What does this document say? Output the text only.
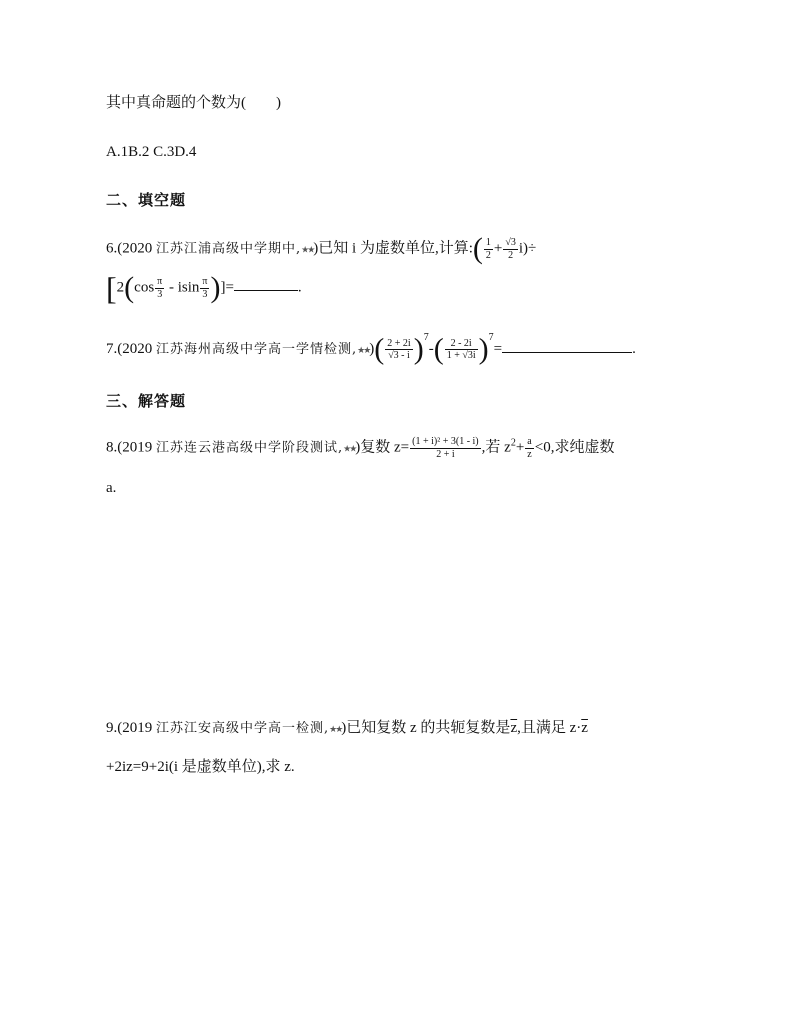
其中真命题的个数为(　　)
A.1B.2 C.3D.4
二、填空题
6.(2020 江苏江浦高级中学期中,★★)已知 i 为虚数单位,计算:( $\frac{1}{2} + \frac{√3}{2} i)\div$
[$2(\cos \frac{\pi}{3}$ - isin $\frac{\pi}{3}$ )]=	.
7.(2020 江苏海州高级中学高一学情检测,★★)( $\frac{2 + 2i}{√3 - i} )^7-( \frac{2 - 2i}{1 + √3i} )^7=$	.
三、解答题
8.(2019 江苏连云港高级中学阶段测试,★★)复数 $z= \frac{\text{(1 + i)² + 3(1 - i)}}{2 + i}$ ,若 $z^2+ \frac{a}{z} <0$,求纯虚数
a.
9.(2019 江苏江安高级中学高一检测,★★)已知复数 z 的共轭复数是$\overline{z}$,且满足 $z\cdot\overline{z}$
+2iz=9+2i(i 是虚数单位),求 z.
